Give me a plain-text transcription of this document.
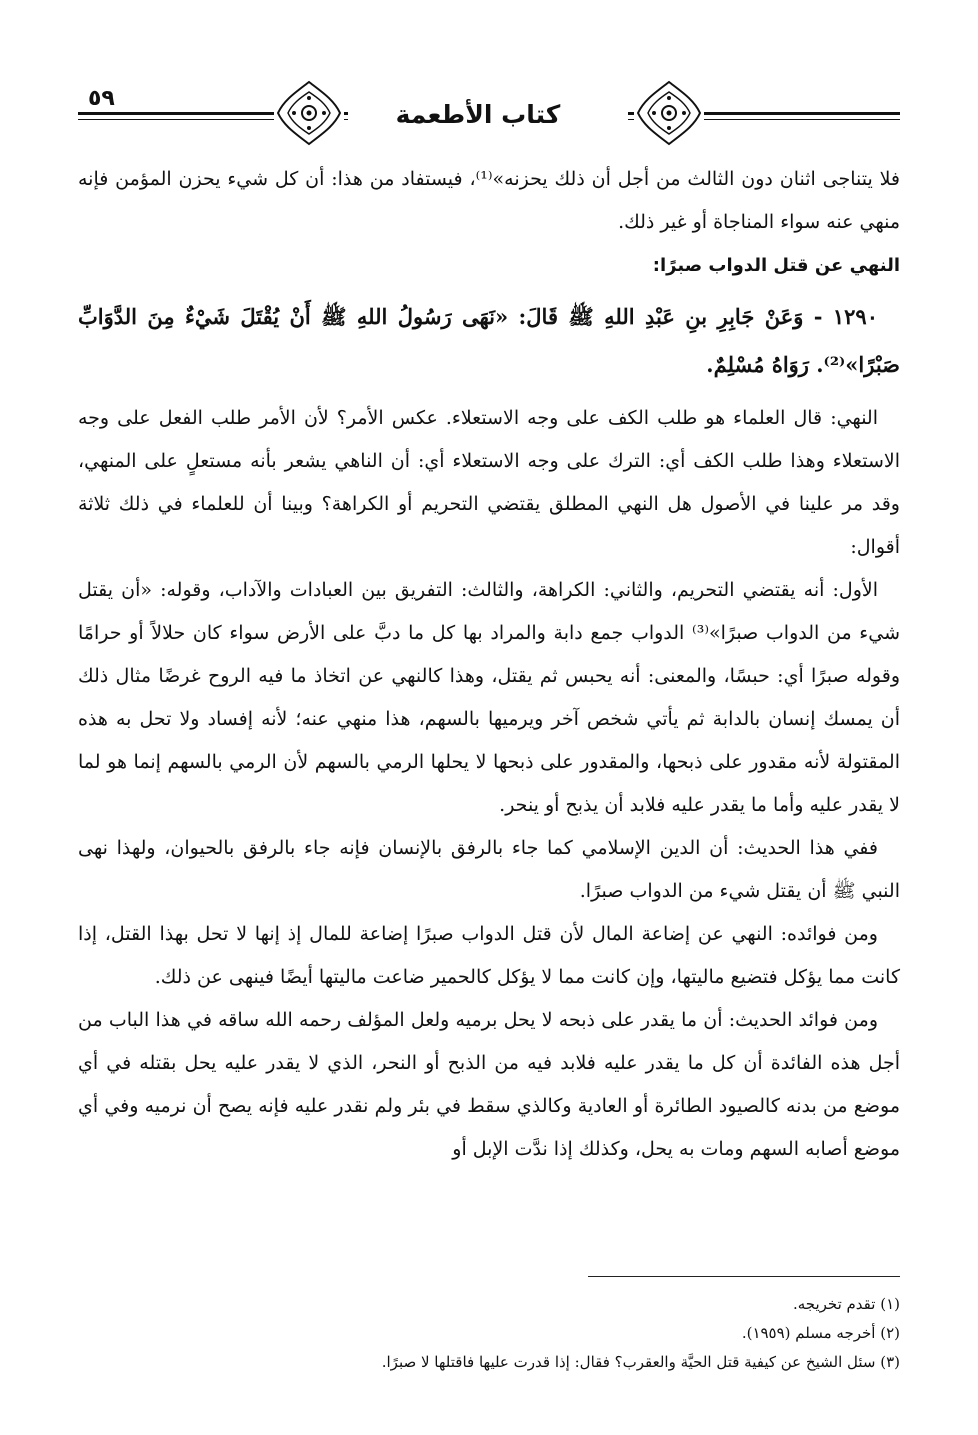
٥٩
كتاب الأطعمة

فلا يتناجى اثنان دون الثالث من أجل أن ذلك يحزنه»⁽¹⁾، فيستفاد من هذا: أن كل شيء يحزن المؤمن فإنه منهي عنه سواء المناجاة أو غير ذلك.

النهي عن قتل الدواب صبرًا:

١٢٩٠ - وَعَنْ جَابِرِ بنِ عَبْدِ اللهِ ﷺ قَالَ: «نَهَى رَسُولُ اللهِ ﷺ أَنْ يُقْتَلَ شَيْءٌ مِنَ الدَّوَابِّ صَبْرًا»⁽²⁾. رَوَاهُ مُسْلِمٌ.

النهي: قال العلماء هو طلب الكف على وجه الاستعلاء. عكس الأمر؟ لأن الأمر طلب الفعل على وجه الاستعلاء وهذا طلب الكف أي: الترك على وجه الاستعلاء أي: أن الناهي يشعر بأنه مستعلٍ على المنهي، وقد مر علينا في الأصول هل النهي المطلق يقتضي التحريم أو الكراهة؟ وبينا أن للعلماء في ذلك ثلاثة أقوال:

الأول: أنه يقتضي التحريم، والثاني: الكراهة، والثالث: التفريق بين العبادات والآداب، وقوله: «أن يقتل شيء من الدواب صبرًا»⁽³⁾ الدواب جمع دابة والمراد بها كل ما دبَّ على الأرض سواء كان حلالاً أو حرامًا وقوله صبرًا أي: حبسًا، والمعنى: أنه يحبس ثم يقتل، وهذا كالنهي عن اتخاذ ما فيه الروح غرضًا مثال ذلك أن يمسك إنسان بالدابة ثم يأتي شخص آخر ويرميها بالسهم، هذا منهي عنه؛ لأنه إفساد ولا تحل به هذه المقتولة لأنه مقدور على ذبحها، والمقدور على ذبحها لا يحلها الرمي بالسهم لأن الرمي بالسهم إنما هو لما لا يقدر عليه وأما ما يقدر عليه فلابد أن يذبح أو ينحر.

ففي هذا الحديث: أن الدين الإسلامي كما جاء بالرفق بالإنسان فإنه جاء بالرفق بالحيوان، ولهذا نهى النبي ﷺ أن يقتل شيء من الدواب صبرًا.

ومن فوائده: النهي عن إضاعة المال لأن قتل الدواب صبرًا إضاعة للمال إذ إنها لا تحل بهذا القتل، إذا كانت مما يؤكل فتضيع ماليتها، وإن كانت مما لا يؤكل كالحمير ضاعت ماليتها أيضًا فينهى عن ذلك.

ومن فوائد الحديث: أن ما يقدر على ذبحه لا يحل برميه ولعل المؤلف رحمه الله ساقه في هذا الباب من أجل هذه الفائدة أن كل ما يقدر عليه فلابد فيه من الذبح أو النحر، الذي لا يقدر عليه يحل بقتله في أي موضع من بدنه كالصيود الطائرة أو العادية وكالذي سقط في بئر ولم نقدر عليه فإنه يصح أن نرميه وفي أي موضع أصابه السهم ومات به يحل، وكذلك إذا ندَّت الإبل أو

(١) تقدم تخريجه.

(٢) أخرجه مسلم (١٩٥٩).

(٣) سئل الشيخ عن كيفية قتل الحيَّة والعقرب؟ فقال: إذا قدرت عليها فاقتلها لا صبرًا.
